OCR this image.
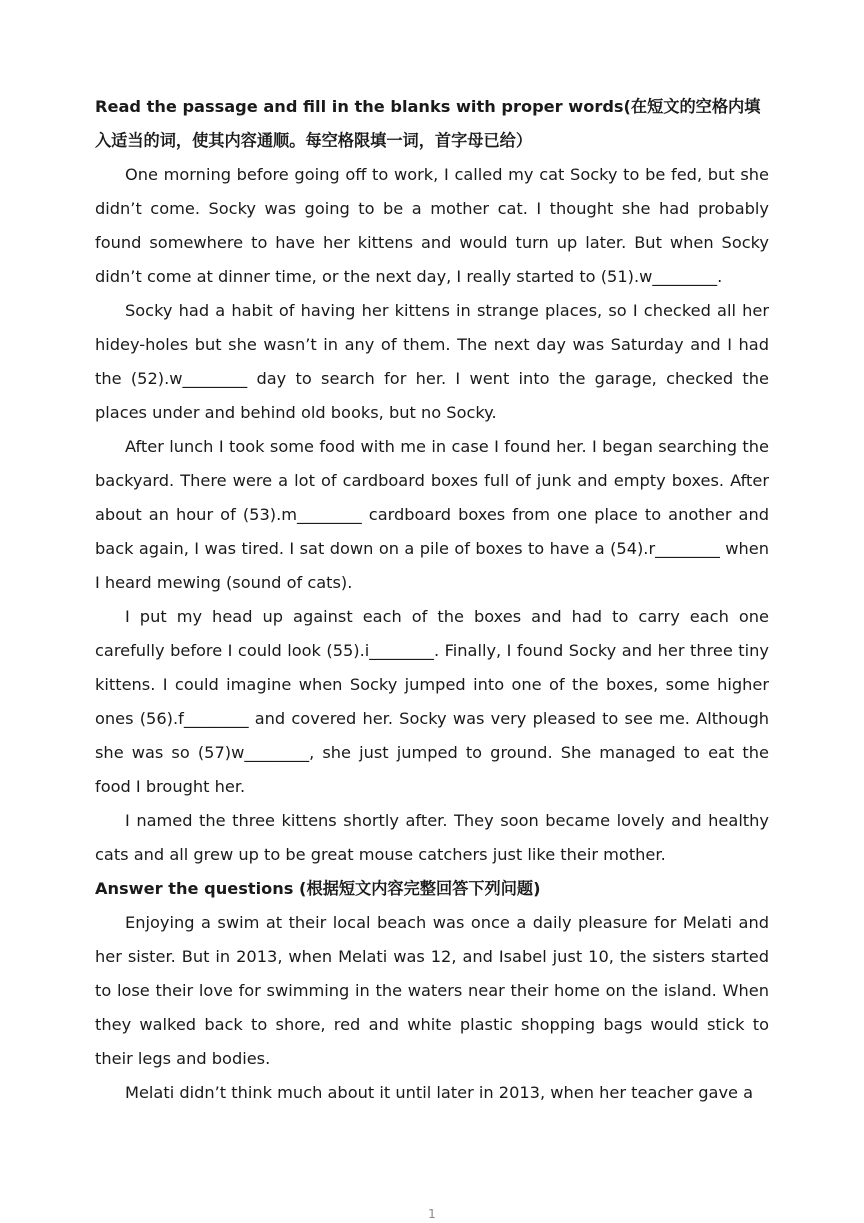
Read the passage and fill in the blanks with proper words(在短文的空格内填入适当的词，使其内容通顺。每空格限填一词，首字母已给）

One morning before going off to work, I called my cat Socky to be fed, but she didn’t come. Socky was going to be a mother cat. I thought she had probably found somewhere to have her kittens and would turn up later. But when Socky didn’t come at dinner time, or the next day, I really started to (51).w________.

Socky had a habit of having her kittens in strange places, so I checked all her hidey-holes but she wasn’t in any of them. The next day was Saturday and I had the (52).w________ day to search for her. I went into the garage, checked the places under and behind old books, but no Socky.

After lunch I took some food with me in case I found her. I began searching the backyard. There were a lot of cardboard boxes full of junk and empty boxes. After about an hour of (53).m________ cardboard boxes from one place to another and back again, I was tired. I sat down on a pile of boxes to have a (54).r________ when I heard mewing (sound of cats).

I put my head up against each of the boxes and had to carry each one carefully before I could look (55).i________. Finally, I found Socky and her three tiny kittens. I could imagine when Socky jumped into one of the boxes, some higher ones (56).f________ and covered her. Socky was very pleased to see me. Although she was so (57)w________, she just jumped to ground. She managed to eat the food I brought her.

I named the three kittens shortly after. They soon became lovely and healthy cats and all grew up to be great mouse catchers just like their mother.

Answer the questions (根据短文内容完整回答下列问题)

Enjoying a swim at their local beach was once a daily pleasure for Melati and her sister. But in 2013, when Melati was 12, and Isabel just 10, the sisters started to lose their love for swimming in the waters near their home on the island. When they walked back to shore, red and white plastic shopping bags would stick to their legs and bodies.

Melati didn’t think much about it until later in 2013, when her teacher gave a

1
